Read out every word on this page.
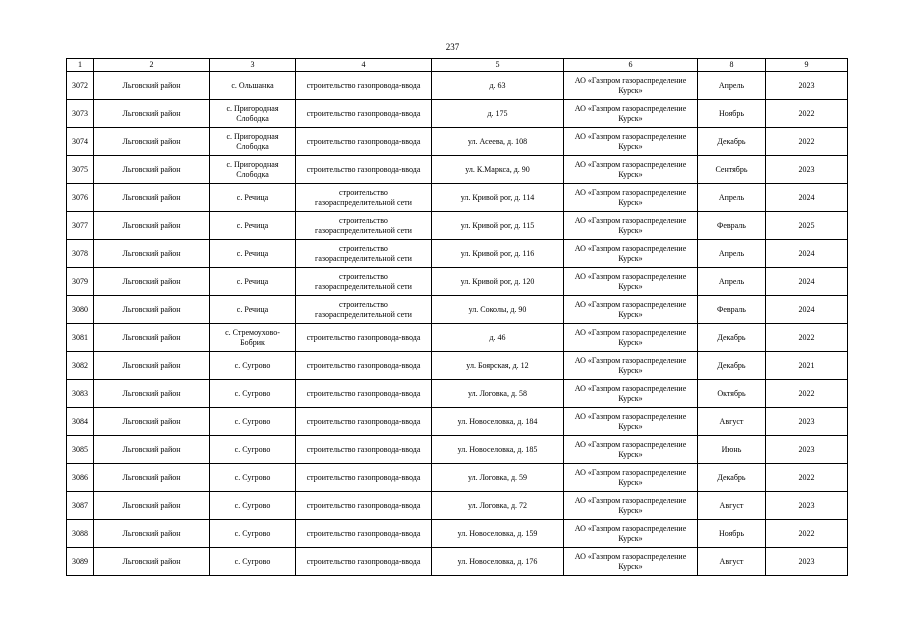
237
1	2	3	4	5	6	8	9
3072	Льговский район	с. Ольшанка	строительство газопровода-ввода	д. 63	АО «Газпром газораспределение Курск»	Апрель	2023
3073	Льговский район	с. Пригородная Слободка	строительство газопровода-ввода	д. 175	АО «Газпром газораспределение Курск»	Ноябрь	2022
3074	Льговский район	с. Пригородная Слободка	строительство газопровода-ввода	ул. Асеева, д. 108	АО «Газпром газораспределение Курск»	Декабрь	2022
3075	Льговский район	с. Пригородная Слободка	строительство газопровода-ввода	ул. К.Маркса, д. 90	АО «Газпром газораспределение Курск»	Сентябрь	2023
3076	Льговский район	с. Речица	строительство газораспределительной сети	ул. Кривой рог, д. 114	АО «Газпром газораспределение Курск»	Апрель	2024
3077	Льговский район	с. Речица	строительство газораспределительной сети	ул. Кривой рог, д. 115	АО «Газпром газораспределение Курск»	Февраль	2025
3078	Льговский район	с. Речица	строительство газораспределительной сети	ул. Кривой рог, д. 116	АО «Газпром газораспределение Курск»	Апрель	2024
3079	Льговский район	с. Речица	строительство газораспределительной сети	ул. Кривой рог, д. 120	АО «Газпром газораспределение Курск»	Апрель	2024
3080	Льговский район	с. Речица	строительство газораспределительной сети	ул. Соколы, д. 90	АО «Газпром газораспределение Курск»	Февраль	2024
3081	Льговский район	с. Стремоухово-Бобрик	строительство газопровода-ввода	д. 46	АО «Газпром газораспределение Курск»	Декабрь	2022
3082	Льговский район	с. Сугрово	строительство газопровода-ввода	ул. Боярская, д. 12	АО «Газпром газораспределение Курск»	Декабрь	2021
3083	Льговский район	с. Сугрово	строительство газопровода-ввода	ул. Логовка, д. 58	АО «Газпром газораспределение Курск»	Октябрь	2022
3084	Льговский район	с. Сугрово	строительство газопровода-ввода	ул. Новоселовка, д. 184	АО «Газпром газораспределение Курск»	Август	2023
3085	Льговский район	с. Сугрово	строительство газопровода-ввода	ул. Новоселовка, д. 185	АО «Газпром газораспределение Курск»	Июнь	2023
3086	Льговский район	с. Сугрово	строительство газопровода-ввода	ул. Логовка, д. 59	АО «Газпром газораспределение Курск»	Декабрь	2022
3087	Льговский район	с. Сугрово	строительство газопровода-ввода	ул. Логовка, д. 72	АО «Газпром газораспределение Курск»	Август	2023
3088	Льговский район	с. Сугрово	строительство газопровода-ввода	ул. Новоселовка, д. 159	АО «Газпром газораспределение Курск»	Ноябрь	2022
3089	Льговский район	с. Сугрово	строительство газопровода-ввода	ул. Новоселовка, д. 176	АО «Газпром газораспределение Курск»	Август	2023
